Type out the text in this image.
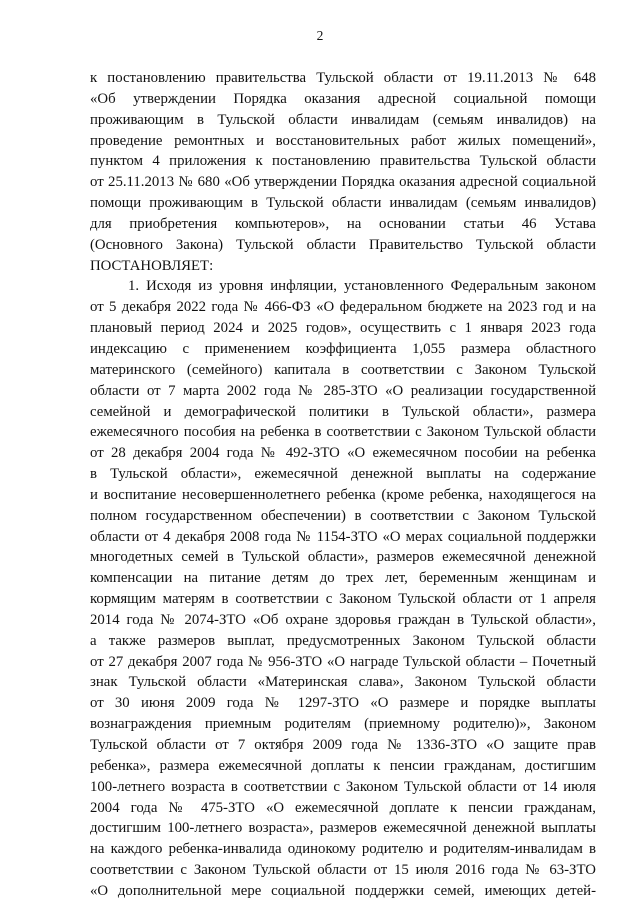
2
к постановлению правительства Тульской области от 19.11.2013 № 648
«Об утверждении Порядка оказания адресной социальной помощи
проживающим в Тульской области инвалидам (семьям инвалидов) на
проведение ремонтных и восстановительных работ жилых помещений»,
пунктом 4 приложения к постановлению правительства Тульской области
от 25.11.2013 № 680 «Об утверждении Порядка оказания адресной социальной
помощи проживающим в Тульской области инвалидам (семьям инвалидов)
для приобретения компьютеров», на основании статьи 46 Устава
(Основного Закона) Тульской области Правительство Тульской области
ПОСТАНОВЛЯЕТ:
1. Исходя из уровня инфляции, установленного Федеральным законом
от 5 декабря 2022 года № 466-ФЗ «О федеральном бюджете на 2023 год и на
плановый период 2024 и 2025 годов», осуществить с 1 января 2023 года
индексацию с применением коэффициента 1,055 размера областного
материнского (семейного) капитала в соответствии с Законом Тульской
области от 7 марта 2002 года № 285-ЗТО «О реализации государственной
семейной и демографической политики в Тульской области», размера
ежемесячного пособия на ребенка в соответствии с Законом Тульской области
от 28 декабря 2004 года № 492-ЗТО «О ежемесячном пособии на ребенка
в Тульской области», ежемесячной денежной выплаты на содержание
и воспитание несовершеннолетнего ребенка (кроме ребенка, находящегося на
полном государственном обеспечении) в соответствии с Законом Тульской
области от 4 декабря 2008 года № 1154-ЗТО «О мерах социальной поддержки
многодетных семей в Тульской области», размеров ежемесячной денежной
компенсации на питание детям до трех лет, беременным женщинам и
кормящим матерям в соответствии с Законом Тульской области от 1 апреля
2014 года № 2074-ЗТО «Об охране здоровья граждан в Тульской области»,
а также размеров выплат, предусмотренных Законом Тульской области
от 27 декабря 2007 года № 956-ЗТО «О награде Тульской области – Почетный
знак Тульской области «Материнская слава», Законом Тульской области
от 30 июня 2009 года № 1297-ЗТО «О размере и порядке выплаты
вознаграждения приемным родителям (приемному родителю)», Законом
Тульской области от 7 октября 2009 года № 1336-ЗТО «О защите прав
ребенка», размера ежемесячной доплаты к пенсии гражданам, достигшим
100-летнего возраста в соответствии с Законом Тульской области от 14 июля
2004 года № 475-ЗТО «О ежемесячной доплате к пенсии гражданам,
достигшим 100-летнего возраста», размеров ежемесячной денежной выплаты
на каждого ребенка-инвалида одинокому родителю и родителям-инвалидам в
соответствии с Законом Тульской области от 15 июля 2016 года № 63-ЗТО
«О дополнительной мере социальной поддержки семей, имеющих детей-
